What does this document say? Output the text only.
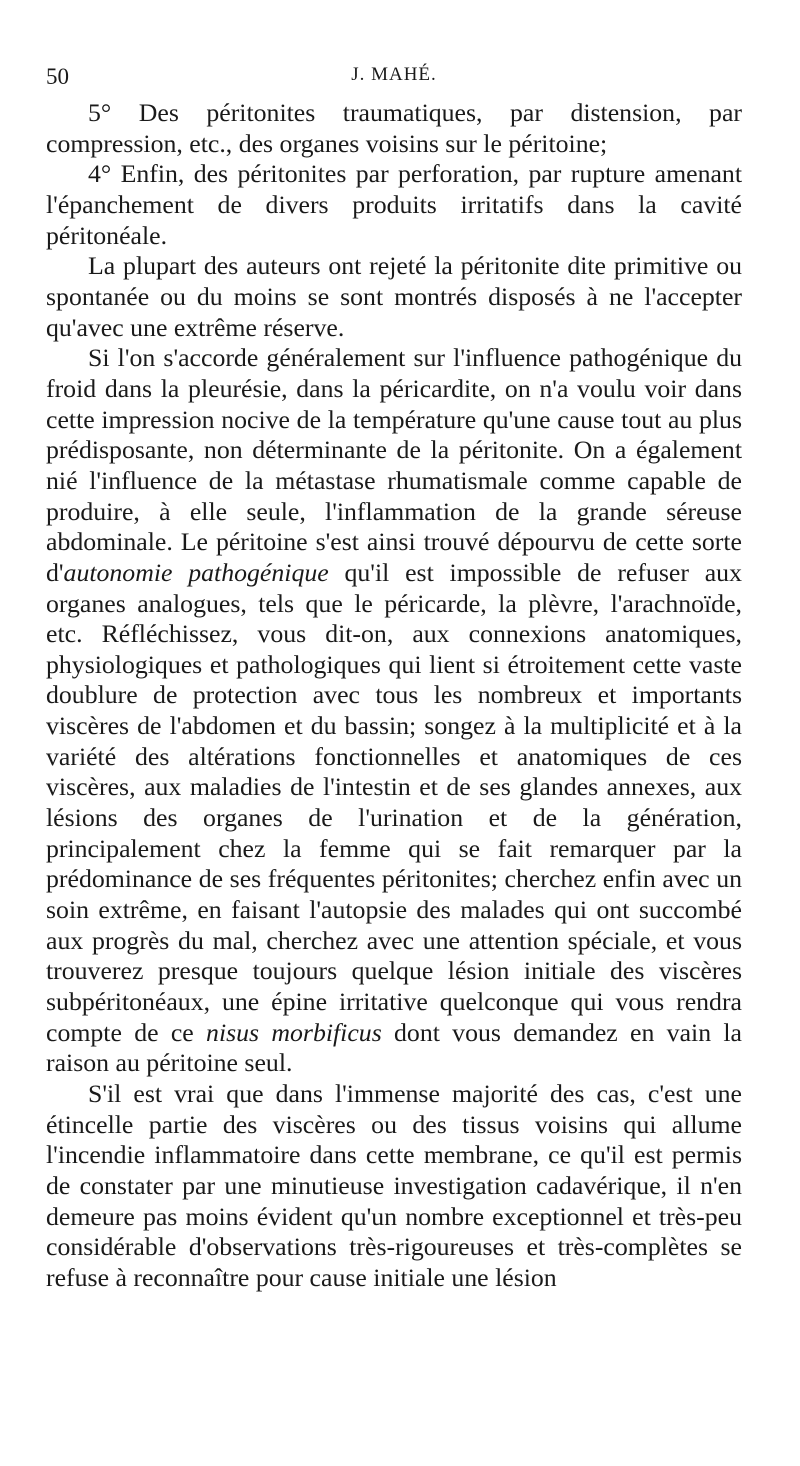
50	J. MAHÉ.

5° Des péritonites traumatiques, par distension, par compression, etc., des organes voisins sur le péritoine;

4° Enfin, des péritonites par perforation, par rupture amenant l'épanchement de divers produits irritatifs dans la cavité péritonéale.

La plupart des auteurs ont rejeté la péritonite dite primitive ou spontanée ou du moins se sont montrés disposés à ne l'accepter qu'avec une extrême réserve.

Si l'on s'accorde généralement sur l'influence pathogénique du froid dans la pleurésie, dans la péricardite, on n'a voulu voir dans cette impression nocive de la température qu'une cause tout au plus prédisposante, non déterminante de la péritonite. On a également nié l'influence de la métastase rhumatismale comme capable de produire, à elle seule, l'inflammation de la grande séreuse abdominale. Le péritoine s'est ainsi trouvé dépourvu de cette sorte d'autonomie pathogénique qu'il est impossible de refuser aux organes analogues, tels que le péricarde, la plèvre, l'arachnoïde, etc. Réfléchissez, vous dit-on, aux connexions anatomiques, physiologiques et pathologiques qui lient si étroitement cette vaste doublure de protection avec tous les nombreux et importants viscères de l'abdomen et du bassin; songez à la multiplicité et à la variété des altérations fonctionnelles et anatomiques de ces viscères, aux maladies de l'intestin et de ses glandes annexes, aux lésions des organes de l'urination et de la génération, principalement chez la femme qui se fait remarquer par la prédominance de ses fréquentes péritonites; cherchez enfin avec un soin extrême, en faisant l'autopsie des malades qui ont succombé aux progrès du mal, cherchez avec une attention spéciale, et vous trouverez presque toujours quelque lésion initiale des viscères subpéritonéaux, une épine irritative quelconque qui vous rendra compte de ce nisus morbificus dont vous demandez en vain la raison au péritoine seul.

S'il est vrai que dans l'immense majorité des cas, c'est une étincelle partie des viscères ou des tissus voisins qui allume l'incendie inflammatoire dans cette membrane, ce qu'il est permis de constater par une minutieuse investigation cadavérique, il n'en demeure pas moins évident qu'un nombre exceptionnel et très-peu considérable d'observations très-rigoureuses et très-complètes se refuse à reconnaître pour cause initiale une lésion
